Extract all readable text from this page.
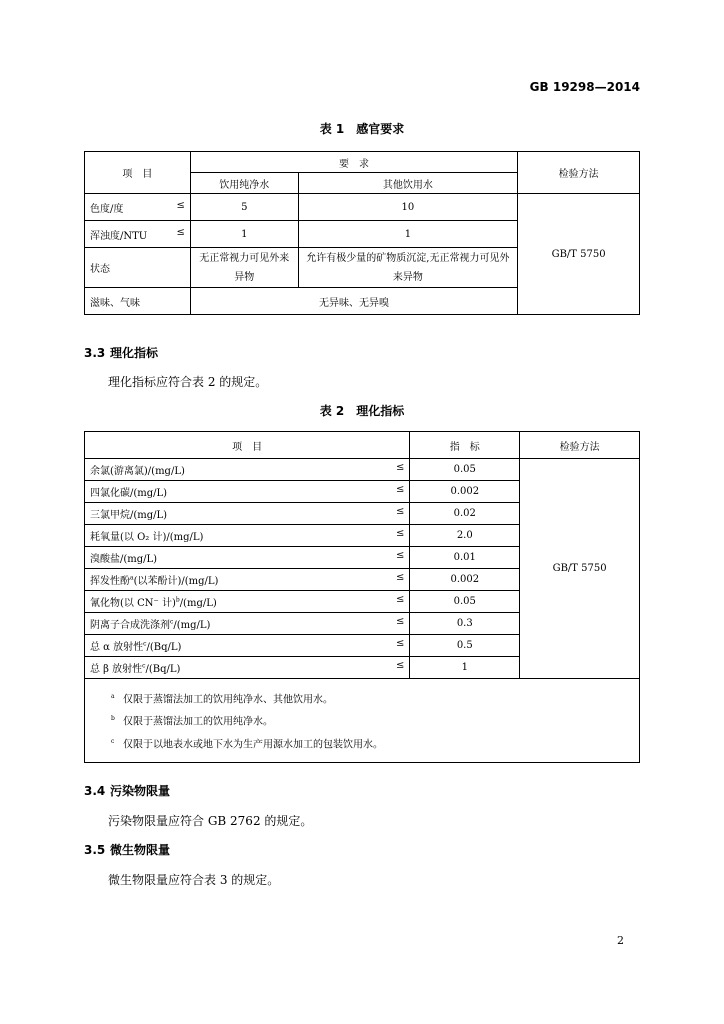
GB 19298—2014
表 1　感官要求
项　目	要　求		检验方法
	饮用纯净水	其他饮用水	
色度/度 ≤	5	10	GB/T 5750
浑浊度/NTU ≤	1	1	
状态	无正常视力可见外来异物	允许有极少量的矿物质沉淀,无正常视力可见外来异物	
滋味、气味	无异味、无异嗅		
3.3 理化指标
理化指标应符合表 2 的规定。
表 2　理化指标
项　目	指　标	检验方法
余氯(游离氯)/(mg/L) ≤	0.05	GB/T 5750
四氯化碳/(mg/L) ≤	0.002	
三氯甲烷/(mg/L) ≤	0.02	
耗氧量(以 O₂ 计)/(mg/L) ≤	2.0	
溴酸盐/(mg/L) ≤	0.01	
挥发性酚$^a$(以苯酚计)/(mg/L) ≤	0.002	
氰化物(以 CN⁻ 计)$^b$/(mg/L) ≤	0.05	
阴离子合成洗涤剂$^c$/(mg/L) ≤	0.3	
总 α 放射性$^c$/(Bq/L) ≤	0.5	
总 β 放射性$^c$/(Bq/L) ≤	1	

$^a$ 仅限于蒸馏法加工的饮用纯净水、其他饮用水。
$^b$ 仅限于蒸馏法加工的饮用纯净水。
$^c$ 仅限于以地表水或地下水为生产用源水加工的包装饮用水。		
3.4 污染物限量
污染物限量应符合 GB 2762 的规定。
3.5 微生物限量
微生物限量应符合表 3 的规定。
2
